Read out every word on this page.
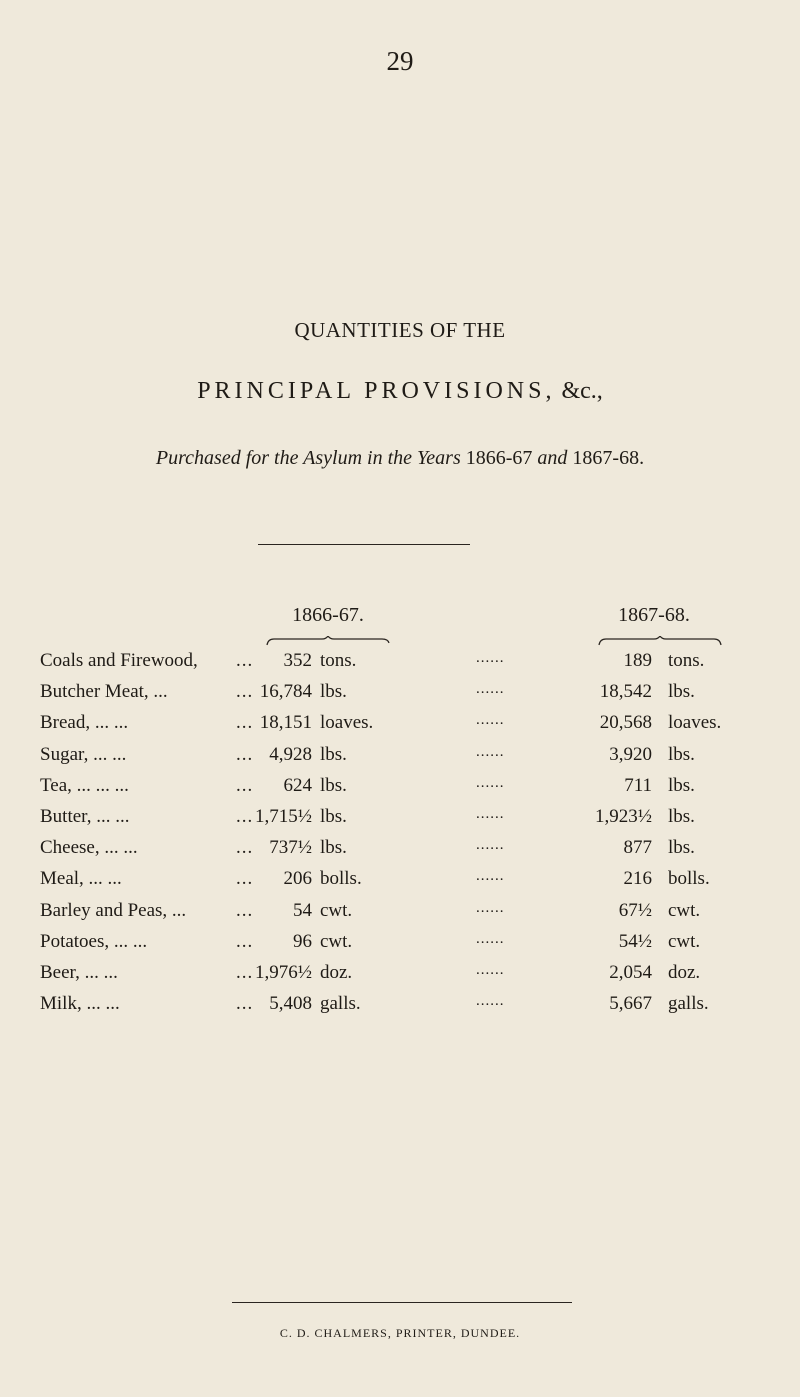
29
QUANTITIES OF THE
PRINCIPAL PROVISIONS, &c.,
Purchased for the Asylum in the Years 1866-67 and 1867-68.
1866-67.	1867-68.
Coals and Firewood, ...	352 tons.	......	189 tons.
Butcher Meat, ...	... 16,784 lbs.	......	18,542 lbs.
Bread, ... ...	... 18,151 loaves.	......	20,568 loaves.
Sugar, ... ...	... 4,928 lbs.	......	3,920 lbs.
Tea, ... ... ...	...	624 lbs.	......	711 lbs.
Butter, ... ...	... 1,715½ lbs.	......	1,923½ lbs.
Cheese, ... ...	... 737½ lbs.	......	877 lbs.
Meal, ... ...	...	206 bolls.	......	216 bolls.
Barley and Peas, ...	...	54 cwt.	......	67½ cwt.
Potatoes, ... ...	...	96 cwt.	......	54½ cwt.
Beer, ... ...	... 1,976½ doz.	......	2,054 doz.
Milk, ... ...	... 5,408 galls.	......	5,667 galls.
C. D. CHALMERS, PRINTER, DUNDEE.
